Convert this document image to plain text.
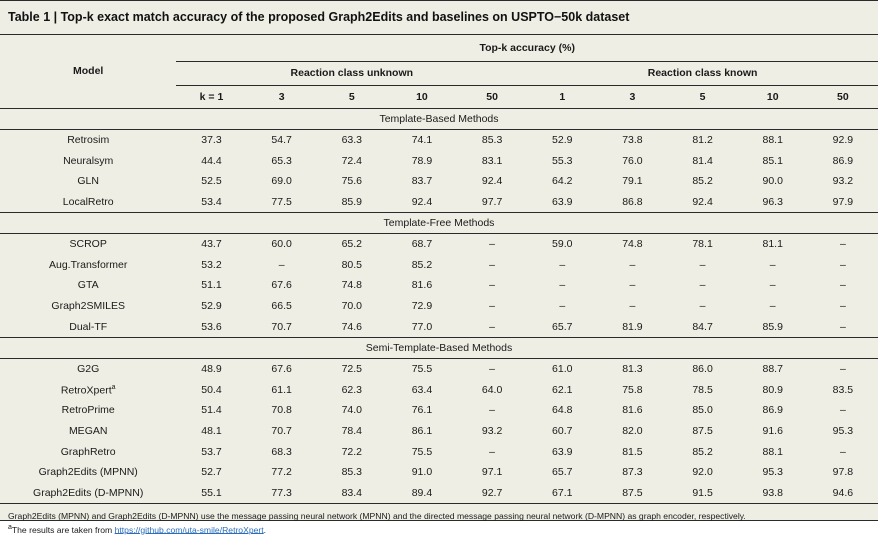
Table 1 | Top-k exact match accuracy of the proposed Graph2Edits and baselines on USPTO−50k dataset
Model	Top-k accuracy (%)									
	Reaction class unknown					Reaction class known				
	k = 1	3	5	10	50	1	3	5	10	50
Template-Based Methods										
Retrosim	37.3	54.7	63.3	74.1	85.3	52.9	73.8	81.2	88.1	92.9
Neuralsym	44.4	65.3	72.4	78.9	83.1	55.3	76.0	81.4	85.1	86.9
GLN	52.5	69.0	75.6	83.7	92.4	64.2	79.1	85.2	90.0	93.2
LocalRetro	53.4	77.5	85.9	92.4	97.7	63.9	86.8	92.4	96.3	97.9
Template-Free Methods										
SCROP	43.7	60.0	65.2	68.7	–	59.0	74.8	78.1	81.1	–
Aug.Transformer	53.2	–	80.5	85.2	–	–	–	–	–	–
GTA	51.1	67.6	74.8	81.6	–	–	–	–	–	–
Graph2SMILES	52.9	66.5	70.0	72.9	–	–	–	–	–	–
Dual-TF	53.6	70.7	74.6	77.0	–	65.7	81.9	84.7	85.9	–
Semi-Template-Based Methods										
G2G	48.9	67.6	72.5	75.5	–	61.0	81.3	86.0	88.7	–
RetroXpert$^a$	50.4	61.1	62.3	63.4	64.0	62.1	75.8	78.5	80.9	83.5
RetroPrime	51.4	70.8	74.0	76.1	–	64.8	81.6	85.0	86.9	–
MEGAN	48.1	70.7	78.4	86.1	93.2	60.7	82.0	87.5	91.6	95.3
GraphRetro	53.7	68.3	72.2	75.5	–	63.9	81.5	85.2	88.1	–
Graph2Edits (MPNN)	52.7	77.2	85.3	91.0	97.1	65.7	87.3	92.0	95.3	97.8
Graph2Edits (D-MPNN)	55.1	77.3	83.4	89.4	92.7	67.1	87.5	91.5	93.8	94.6
Graph2Edits (MPNN) and Graph2Edits (D-MPNN) use the message passing neural network (MPNN) and the directed message passing neural network (D-MPNN) as graph encoder, respectively.
$^a$The results are taken from https://github.com/uta-smile/RetroXpert.
